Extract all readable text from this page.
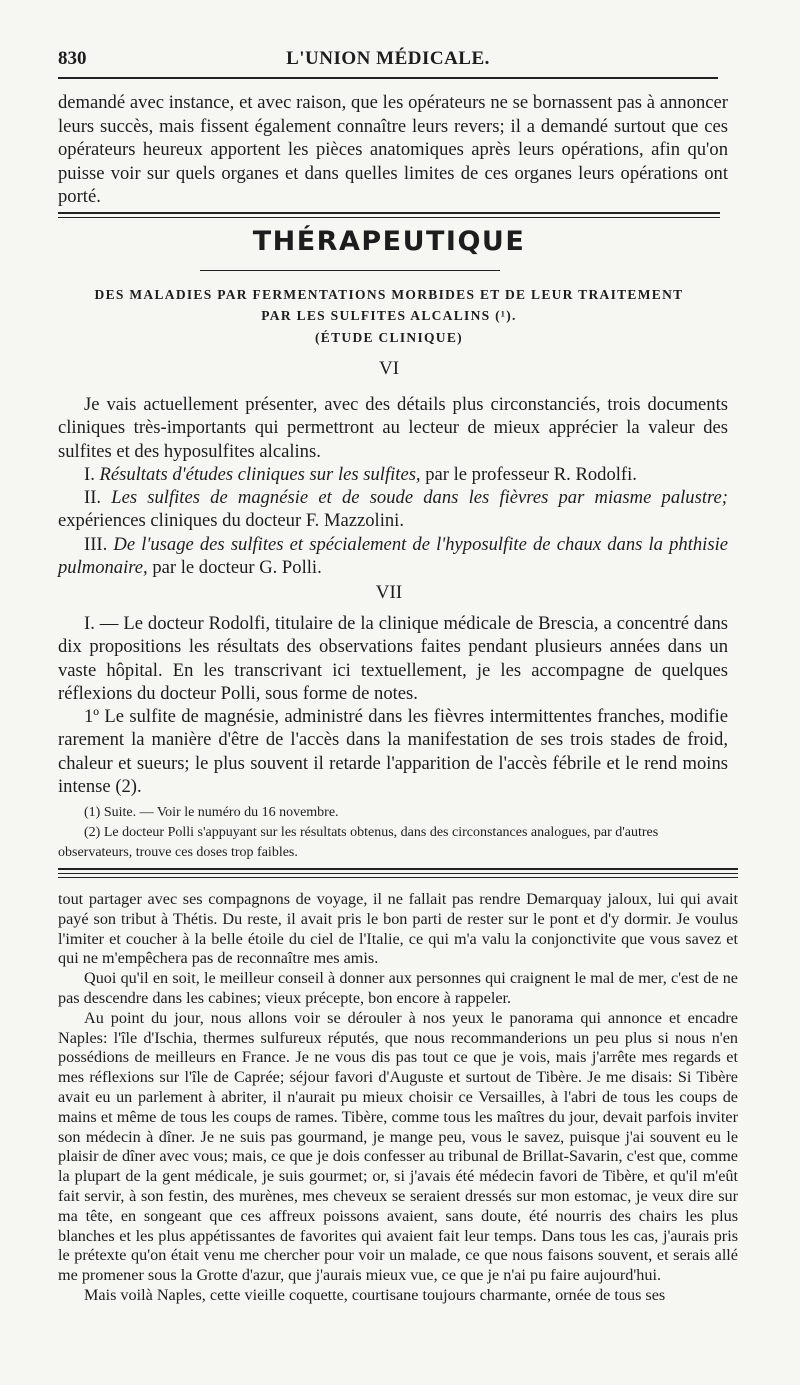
830	L'UNION MÉDICALE.
demandé avec instance, et avec raison, que les opérateurs ne se bornassent pas à annoncer leurs succès, mais fissent également connaître leurs revers; il a demandé surtout que ces opérateurs heureux apportent les pièces anatomiques après leurs opérations, afin qu'on puisse voir sur quels organes et dans quelles limites de ces organes leurs opérations ont porté.
THÉRAPEUTIQUE
DES MALADIES PAR FERMENTATIONS MORBIDES ET DE LEUR TRAITEMENT
PAR LES SULFITES ALCALINS (¹).
(ÉTUDE CLINIQUE)
VI

Je vais actuellement présenter, avec des détails plus circonstanciés, trois documents cliniques très-importants qui permettront au lecteur de mieux apprécier la valeur des sulfites et des hyposulfites alcalins.

I. Résultats d'études cliniques sur les sulfites, par le professeur R. Rodolfi.

II. Les sulfites de magnésie et de soude dans les fièvres par miasme palustre; expériences cliniques du docteur F. Mazzolini.

III. De l'usage des sulfites et spécialement de l'hyposulfite de chaux dans la phthisie pulmonaire, par le docteur G. Polli.

VII

I. — Le docteur Rodolfi, titulaire de la clinique médicale de Brescia, a concentré dans dix propositions les résultats des observations faites pendant plusieurs années dans un vaste hôpital. En les transcrivant ici textuellement, je les accompagne de quelques réflexions du docteur Polli, sous forme de notes.

1º Le sulfite de magnésie, administré dans les fièvres intermittentes franches, modifie rarement la manière d'être de l'accès dans la manifestation de ses trois stades de froid, chaleur et sueurs; le plus souvent il retarde l'apparition de l'accès fébrile et le rend moins intense (2).

(1) Suite. — Voir le numéro du 16 novembre.

(2) Le docteur Polli s'appuyant sur les résultats obtenus, dans des circonstances analogues, par d'autres observateurs, trouve ces doses trop faibles.

tout partager avec ses compagnons de voyage, il ne fallait pas rendre Demarquay jaloux, lui qui avait payé son tribut à Thétis. Du reste, il avait pris le bon parti de rester sur le pont et d'y dormir. Je voulus l'imiter et coucher à la belle étoile du ciel de l'Italie, ce qui m'a valu la conjonctivite que vous savez et qui ne m'empêchera pas de reconnaître mes amis.

Quoi qu'il en soit, le meilleur conseil à donner aux personnes qui craignent le mal de mer, c'est de ne pas descendre dans les cabines; vieux précepte, bon encore à rappeler.

Au point du jour, nous allons voir se dérouler à nos yeux le panorama qui annonce et encadre Naples: l'île d'Ischia, thermes sulfureux réputés, que nous recommanderions un peu plus si nous n'en possédions de meilleurs en France. Je ne vous dis pas tout ce que je vois, mais j'arrête mes regards et mes réflexions sur l'île de Caprée; séjour favori d'Auguste et surtout de Tibère. Je me disais: Si Tibère avait eu un parlement à abriter, il n'aurait pu mieux choisir ce Versailles, à l'abri de tous les coups de mains et même de tous les coups de rames. Tibère, comme tous les maîtres du jour, devait parfois inviter son médecin à dîner. Je ne suis pas gourmand, je mange peu, vous le savez, puisque j'ai souvent eu le plaisir de dîner avec vous; mais, ce que je dois confesser au tribunal de Brillat-Savarin, c'est que, comme la plupart de la gent médicale, je suis gourmet; or, si j'avais été médecin favori de Tibère, et qu'il m'eût fait servir, à son festin, des murènes, mes cheveux se seraient dressés sur mon estomac, je veux dire sur ma tête, en songeant que ces affreux poissons avaient, sans doute, été nourris des chairs les plus blanches et les plus appétissantes de favorites qui avaient fait leur temps. Dans tous les cas, j'aurais pris le prétexte qu'on était venu me chercher pour voir un malade, ce que nous faisons souvent, et serais allé me promener sous la Grotte d'azur, que j'aurais mieux vue, ce que je n'ai pu faire aujourd'hui.

Mais voilà Naples, cette vieille coquette, courtisane toujours charmante, ornée de tous ses
